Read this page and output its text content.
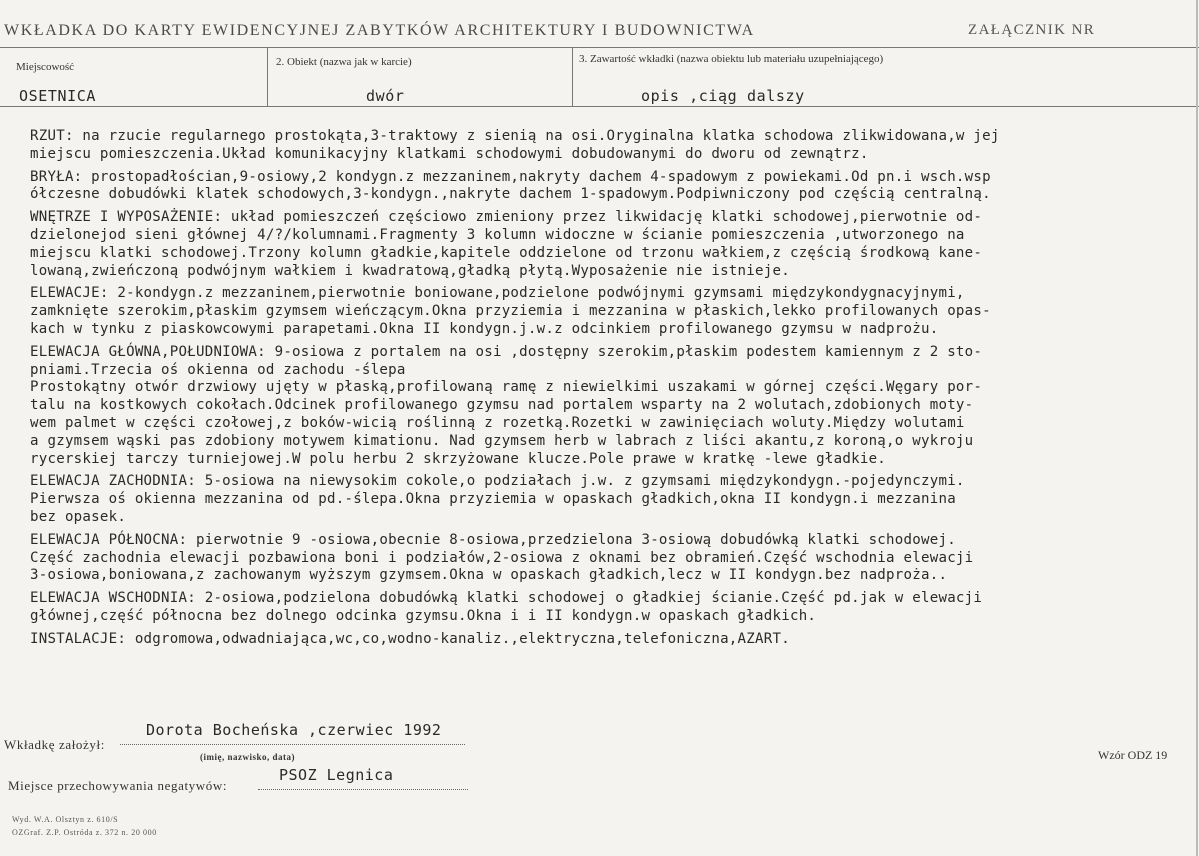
WKŁADKA DO KARTY EWIDENCYJNEJ ZABYTKÓW ARCHITEKTURY I BUDOWNICTWA	ZAŁĄCZNIK NR
Miejscowość
OSETNICA
2. Obiekt (nazwa jak w karcie)
dwór
3. Zawartość wkładki (nazwa obiektu lub materiału uzupełniającego)
opis ,ciąg dalszy
RZUT: na rzucie regularnego prostokąta,3-traktowy z sienią na osi.Oryginalna klatka schodowa zlikwidowana,w jej
miejscu pomieszczenia.Układ komunikacyjny klatkami schodowymi dobudowanymi do dworu od zewnątrz.
BRYŁA: prostopadłościan,9-osiowy,2 kondygn.z mezzaninem,nakryty dachem 4-spadowym z powiekami.Od pn.i wsch.wsp
ółczesne dobudówki klatek schodowych,3-kondygn.,nakryte dachem 1-spadowym.Podpiwniczony pod częścią centralną.
WNĘTRZE I WYPOSAŻENIE: układ pomieszczeń częściowo zmieniony przez likwidację klatki schodowej,pierwotnie od-
dzielonejod sieni głównej 4/?/kolumnami.Fragmenty 3 kolumn widoczne w ścianie pomieszczenia ,utworzonego na
miejscu klatki schodowej.Trzony kolumn gładkie,kapitele oddzielone od trzonu wałkiem,z częścią środkową kane-
lowaną,zwieńczoną podwójnym wałkiem i kwadratową,gładką płytą.Wyposażenie nie istnieje.
ELEWACJE: 2-kondygn.z mezzaninem,pierwotnie boniowane,podzielone podwójnymi gzymsami międzykondygnacyjnymi,
zamknięte szerokim,płaskim gzymsem wieńczącym.Okna przyziemia i mezzanina w płaskich,lekko profilowanych opas-
kach w tynku z piaskowcowymi parapetami.Okna II kondygn.j.w.z odcinkiem profilowanego gzymsu w nadprożu.
ELEWACJA GŁÓWNA,POŁUDNIOWA: 9-osiowa z portalem na osi ,dostępny szerokim,płaskim podestem kamiennym z 2 sto-
pniami.Trzecia oś okienna od zachodu -ślepa
Prostokątny otwór drzwiowy ujęty w płaską,profilowaną ramę z niewielkimi uszakami w górnej części.Węgary por-
talu na kostkowych cokołach.Odcinek profilowanego gzymsu nad portalem wsparty na 2 wolutach,zdobionych moty-
wem palmet w części czołowej,z boków-wicią roślinną z rozetką.Rozetki w zawinięciach woluty.Między wolutami
a gzymsem wąski pas zdobiony motywem kimationu. Nad gzymsem herb w labrach z liści akantu,z koroną,o wykroju
rycerskiej tarczy turniejowej.W polu herbu 2 skrzyżowane klucze.Pole prawe w kratkę -lewe gładkie.
ELEWACJA ZACHODNIA: 5-osiowa na niewysokim cokole,o podziałach j.w. z gzymsami międzykondygn.-pojedynczymi.
Pierwsza oś okienna mezzanina od pd.-ślepa.Okna przyziemia w opaskach gładkich,okna II kondygn.i mezzanina
bez opasek.
ELEWACJA PÓŁNOCNA: pierwotnie 9 -osiowa,obecnie 8-osiowa,przedzielona 3-osiową dobudówką klatki schodowej.
Część zachodnia elewacji pozbawiona boni i podziałów,2-osiowa z oknami bez obramień.Część wschodnia elewacji
3-osiowa,boniowana,z zachowanym wyższym gzymsem.Okna w opaskach gładkich,lecz w II kondygn.bez nadproża..
ELEWACJA WSCHODNIA: 2-osiowa,podzielona dobudówką klatki schodowej o gładkiej ścianie.Część pd.jak w elewacji
głównej,część północna bez dolnego odcinka gzymsu.Okna i i II kondygn.w opaskach gładkich.
INSTALACJE: odgromowa,odwadniająca,wc,co,wodno-kanaliz.,elektryczna,telefoniczna,AZART.
Dorota Bocheńska ,czerwiec 1992
Wkładkę założył:
(imię, nazwisko, data)
PSOZ Legnica
Miejsce przechowywania negatywów:
Wzór ODZ 19
Wyd. W.A. Olsztyn z. 610/S
OZGraf. Z.P. Ostróda z. 372 n. 20 000
